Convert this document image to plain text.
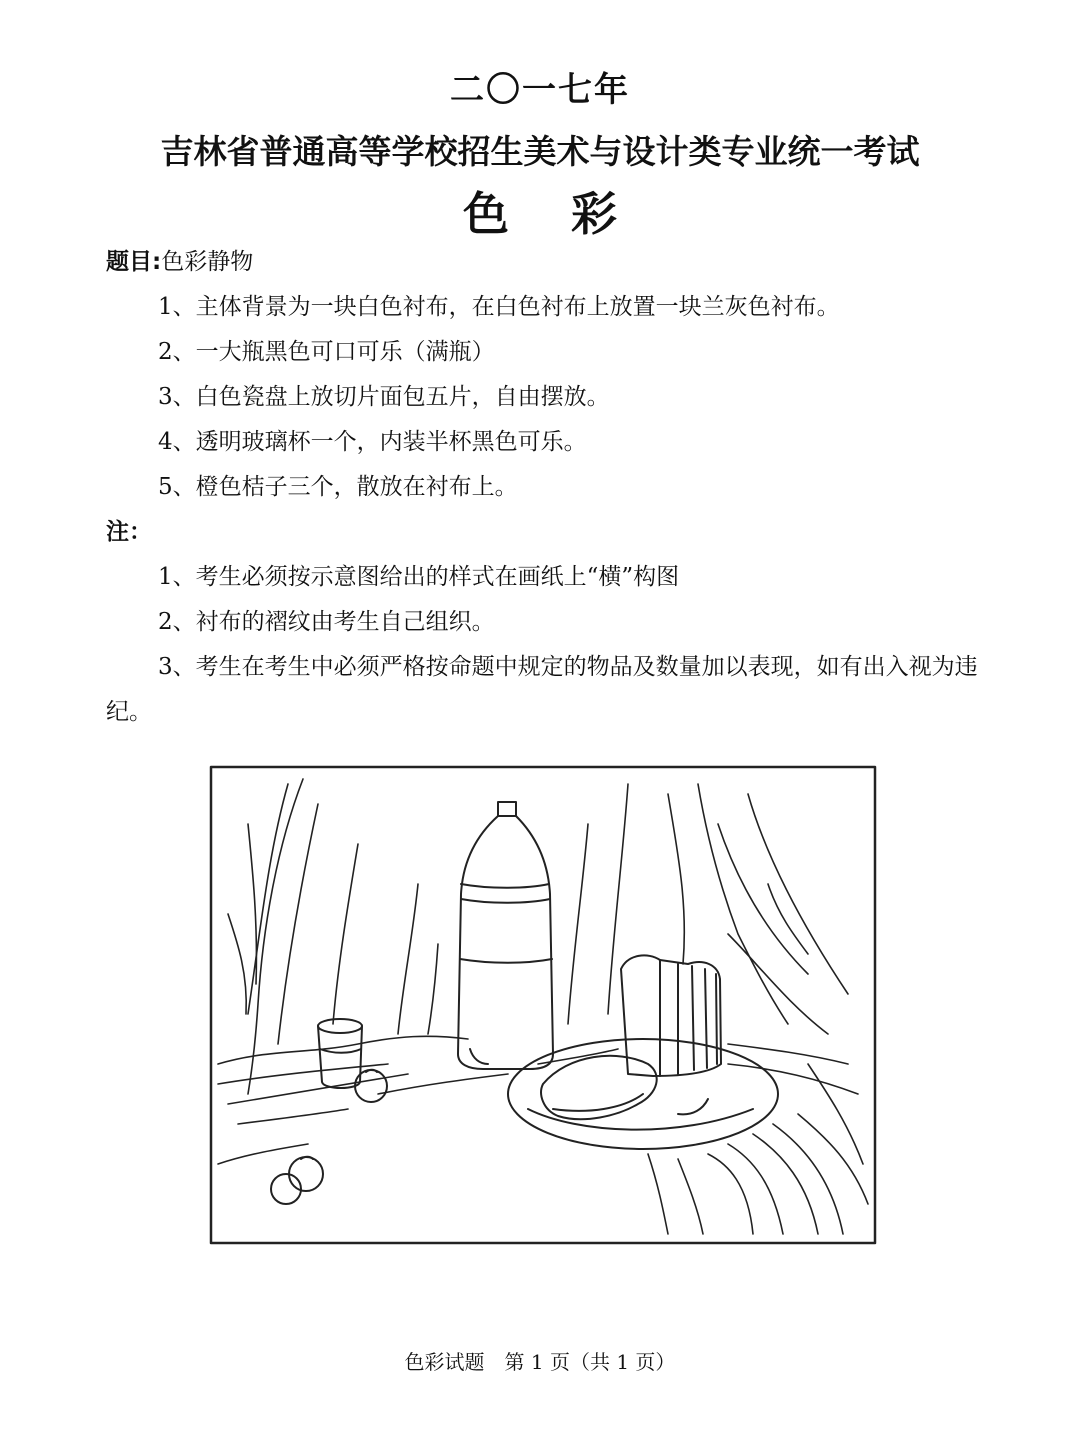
二〇一七年
吉林省普通高等学校招生美术与设计类专业统一考试
色彩
题目:色彩静物
1、主体背景为一块白色衬布，在白色衬布上放置一块兰灰色衬布。
2、一大瓶黑色可口可乐（满瓶）
3、白色瓷盘上放切片面包五片，自由摆放。
4、透明玻璃杯一个，内装半杯黑色可乐。
5、橙色桔子三个，散放在衬布上。
注：
1、考生必须按示意图给出的样式在画纸上“横”构图
2、衬布的褶纹由考生自己组织。
3、考生在考生中必须严格按命题中规定的物品及数量加以表现，如有出入视为违纪。
色彩试题　第 1 页（共 1 页）
